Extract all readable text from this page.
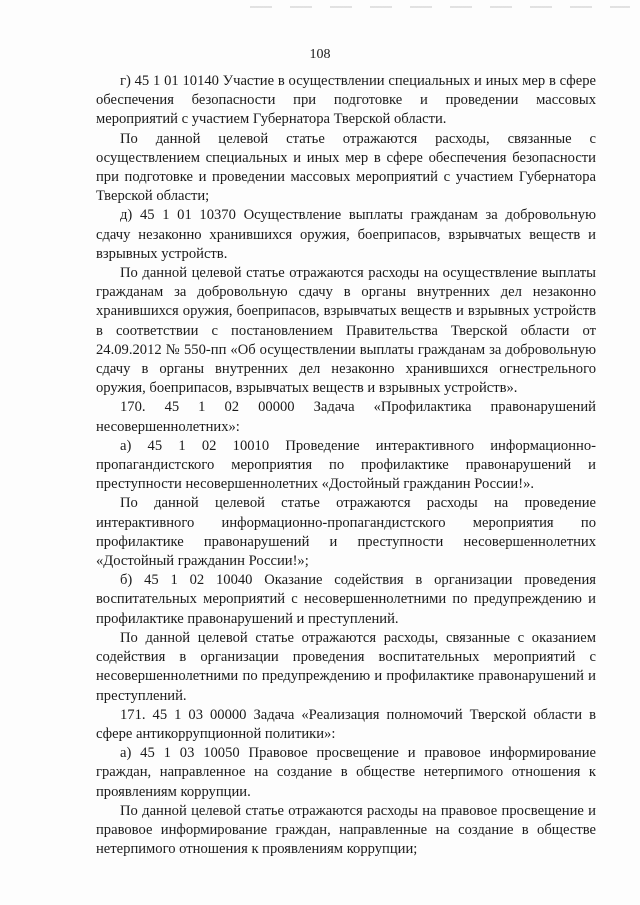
108

г) 45 1 01 10140 Участие в осуществлении специальных и иных мер в сфере обеспечения безопасности при подготовке и проведении массовых мероприятий с участием Губернатора Тверской области.

По данной целевой статье отражаются расходы, связанные с осуществлением специальных и иных мер в сфере обеспечения безопасности при подготовке и проведении массовых мероприятий с участием Губернатора Тверской области;

д) 45 1 01 10370 Осуществление выплаты гражданам за добровольную сдачу незаконно хранившихся оружия, боеприпасов, взрывчатых веществ и взрывных устройств.

По данной целевой статье отражаются расходы на осуществление выплаты гражданам за добровольную сдачу в органы внутренних дел незаконно хранившихся оружия, боеприпасов, взрывчатых веществ и взрывных устройств в соответствии с постановлением Правительства Тверской области от 24.09.2012 № 550-пп «Об осуществлении выплаты гражданам за добровольную сдачу в органы внутренних дел незаконно хранившихся огнестрельного оружия, боеприпасов, взрывчатых веществ и взрывных устройств».

170. 45 1 02 00000 Задача «Профилактика правонарушений несовершеннолетних»:

а) 45 1 02 10010 Проведение интерактивного информационно-пропагандистского мероприятия по профилактике правонарушений и преступности несовершеннолетних «Достойный гражданин России!».

По данной целевой статье отражаются расходы на проведение интерактивного информационно-пропагандистского мероприятия по профилактике правонарушений и преступности несовершеннолетних «Достойный гражданин России!»;

б) 45 1 02 10040 Оказание содействия в организации проведения воспитательных мероприятий с несовершеннолетними по предупреждению и профилактике правонарушений и преступлений.

По данной целевой статье отражаются расходы, связанные с оказанием содействия в организации проведения воспитательных мероприятий с несовершеннолетними по предупреждению и профилактике правонарушений и преступлений.

171. 45 1 03 00000 Задача «Реализация полномочий Тверской области в сфере антикоррупционной политики»:

а) 45 1 03 10050 Правовое просвещение и правовое информирование граждан, направленное на создание в обществе нетерпимого отношения к проявлениям коррупции.

По данной целевой статье отражаются расходы на правовое просвещение и правовое информирование граждан, направленные на создание в обществе нетерпимого отношения к проявлениям коррупции;
